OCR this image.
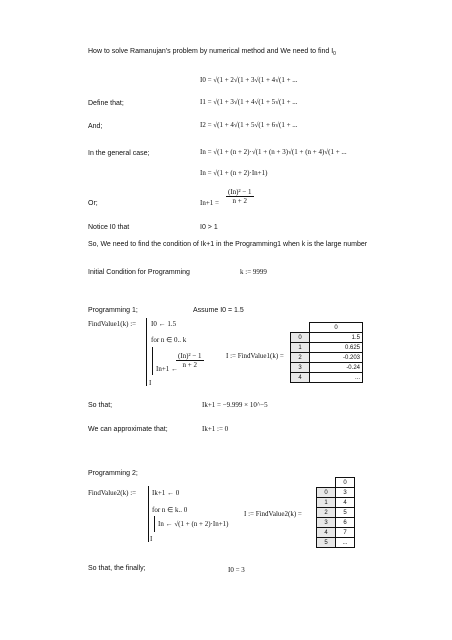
How to solve Ramanujan's problem by numerical method and We need to find $I_0$
I0 = √(1 + 2√(1 + 3√(1 + 4√(1 + ...
Define that;	I1 = √(1 + 3√(1 + 4√(1 + 5√(1 + ...
And;	I2 = √(1 + 4√(1 + 5√(1 + 6√(1 + ...
In the general case;	In = √(1 + (n + 2)·√(1 + (n + 3)√(1 + (n + 4)√(1 + ...
In = √(1 + (n + 2)·In+1)
Or;	$In+1 = \frac{\text{(In)² − 1}}{n + 2}$
Notice I0 that	I0 > 1
So, We need to find the condition of Ik+1 in the Programming1 when k is the large number
Initial Condition for Programming	k := 9999
Programming 1;	Assume I0 = 1.5
FindValue1(k) := I0 ← 1.5
for n ∈ 0.. k
In+1 ←
$\frac{\text{(In)² − 1}}{n + 2}$
I
I := FindValue1(k) =
	0
0	1.5
1	0.625
2	-0.203
3	-0.24
4	...
So that;	Ik+1 = −9.999 × 10^−5
We can approximate that;	Ik+1 := 0
Programming 2;
FindValue2(k) := Ik+1 ← 0
for n ∈ k.. 0
In ← √(1 + (n + 2)·In+1)
I
I := FindValue2(k) =
	0
0	3
1	4
2	5
3	6
4	7
5	...
So that, the finally;	I0 = 3
